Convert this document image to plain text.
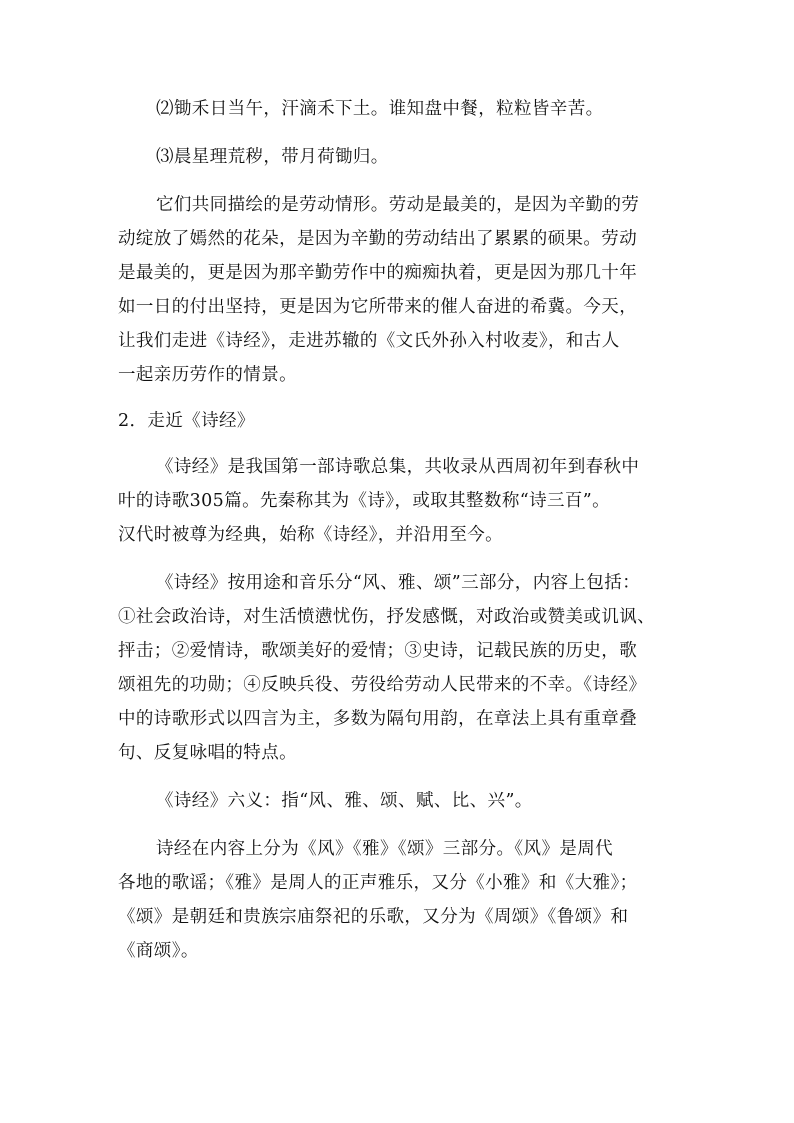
⑵锄禾日当午，汗滴禾下土。谁知盘中餐，粒粒皆辛苦。
⑶晨星理荒秽，带月荷锄归。
它们共同描绘的是劳动情形。劳动是最美的，是因为辛勤的劳
动绽放了嫣然的花朵，是因为辛勤的劳动结出了累累的硕果。劳动
是最美的，更是因为那辛勤劳作中的痴痴执着，更是因为那几十年
如一日的付出坚持，更是因为它所带来的催人奋进的希冀。今天，
让我们走进《诗经》，走进苏辙的《文氏外孙入村收麦》，和古人
一起亲历劳作的情景。
2．走近《诗经》
《诗经》是我国第一部诗歌总集，共收录从西周初年到春秋中
叶的诗歌305篇。先秦称其为《诗》，或取其整数称“诗三百”。
汉代时被尊为经典，始称《诗经》，并沿用至今。
《诗经》按用途和音乐分“风、雅、颂”三部分，内容上包括：
①社会政治诗，对生活愤懑忧伤，抒发感慨，对政治或赞美或讥讽、
抨击；②爱情诗，歌颂美好的爱情；③史诗，记载民族的历史，歌
颂祖先的功勋；④反映兵役、劳役给劳动人民带来的不幸。《诗经》
中的诗歌形式以四言为主，多数为隔句用韵，在章法上具有重章叠
句、反复咏唱的特点。
《诗经》六义：指“风、雅、颂、赋、比、兴”。
诗经在内容上分为《风》《雅》《颂》三部分。《风》是周代
各地的歌谣；《雅》是周人的正声雅乐，又分《小雅》和《大雅》；
《颂》是朝廷和贵族宗庙祭祀的乐歌，又分为《周颂》《鲁颂》和
《商颂》。
